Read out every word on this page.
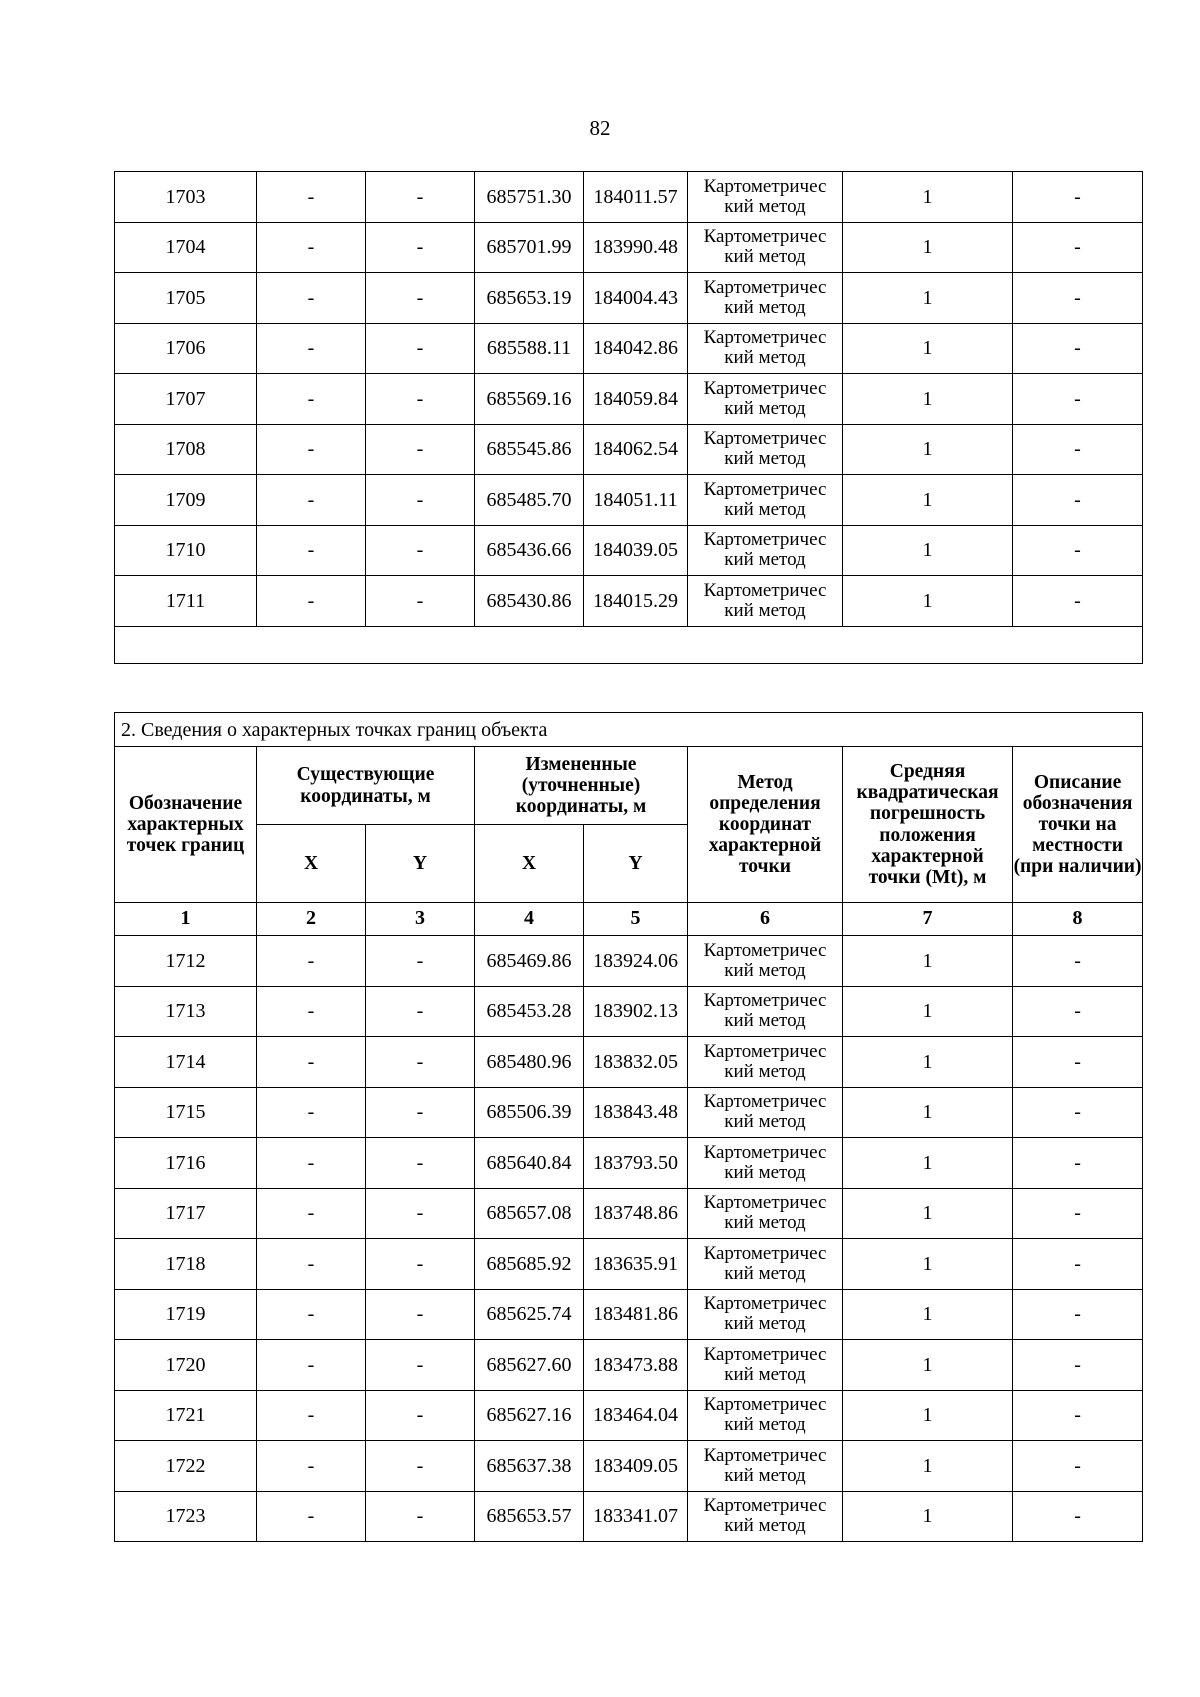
82
1703	-	-	685751.30	184011.57	Картометричес кий метод	1	-
1704	-	-	685701.99	183990.48	Картометричес кий метод	1	-
1705	-	-	685653.19	184004.43	Картометричес кий метод	1	-
1706	-	-	685588.11	184042.86	Картометричес кий метод	1	-
1707	-	-	685569.16	184059.84	Картометричес кий метод	1	-
1708	-	-	685545.86	184062.54	Картометричес кий метод	1	-
1709	-	-	685485.70	184051.11	Картометричес кий метод	1	-
1710	-	-	685436.66	184039.05	Картометричес кий метод	1	-
1711	-	-	685430.86	184015.29	Картометричес кий метод	1	-

2. Сведения о характерных точках границ объекта							
Обозначение характерных точек границ	Существующие координаты, м		Измененные (уточненные) координаты, м		Метод определения координат характерной точки	Средняя квадратическая погрешность положения характерной точки (Mt), м	Описание обозначения точки на местности (при наличии)
	X	Y	X	Y			
1	2	3	4	5	6	7	8
1712	-	-	685469.86	183924.06	Картометричес кий метод	1	-
1713	-	-	685453.28	183902.13	Картометричес кий метод	1	-
1714	-	-	685480.96	183832.05	Картометричес кий метод	1	-
1715	-	-	685506.39	183843.48	Картометричес кий метод	1	-
1716	-	-	685640.84	183793.50	Картометричес кий метод	1	-
1717	-	-	685657.08	183748.86	Картометричес кий метод	1	-
1718	-	-	685685.92	183635.91	Картометричес кий метод	1	-
1719	-	-	685625.74	183481.86	Картометричес кий метод	1	-
1720	-	-	685627.60	183473.88	Картометричес кий метод	1	-
1721	-	-	685627.16	183464.04	Картометричес кий метод	1	-
1722	-	-	685637.38	183409.05	Картометричес кий метод	1	-
1723	-	-	685653.57	183341.07	Картометричес кий метод	1	-
